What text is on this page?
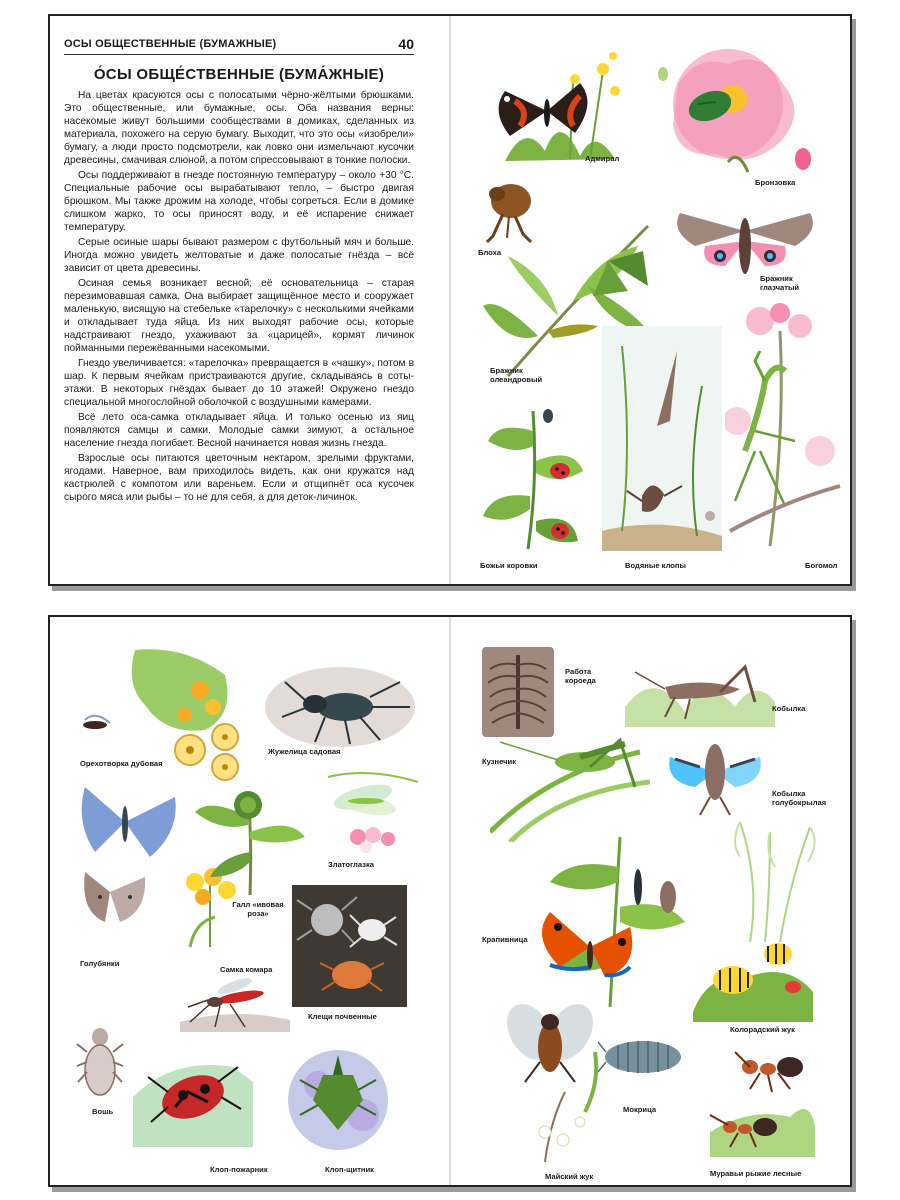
ОСЫ ОБЩЕСТВЕННЫЕ (БУМАЖНЫЕ)	40
О́СЫ ОБЩЕ́СТВЕННЫЕ (БУМА́ЖНЫЕ)

На цветах красуются осы с полосатыми чёрно-жёлтыми брюшками. Это общественные, или бумажные, осы. Оба названия верны: насекомые живут большими сообществами в домиках, сделанных из материала, похожего на серую бумагу. Выходит, что это осы «изобрели» бумагу, а люди просто подсмотрели, как ловко они измельчают кусочки древесины, смачивая слюной, а потом спрессовывают в тонкие полоски.

Осы поддерживают в гнезде постоянную температуру – около +30 °С. Специальные рабочие осы вырабатывают тепло, – быстро двигая брюшком. Мы также дрожим на холоде, чтобы согреться. Если в домике слишком жарко, то осы приносят воду, и её испарение снижает температуру.

Серые осиные шары бывают размером с футбольный мяч и больше. Иногда можно увидеть желтоватые и даже полосатые гнёзда – всё зависит от цвета древесины.

Осиная семья возникает весной; её основательница – старая перезимовавшая самка. Она выбирает защищённое место и сооружает маленькую, висящую на стебельке «тарелочку» с несколькими ячейками и откладывает туда яйца. Из них выходят рабочие осы, которые надстраивают гнездо, ухаживают за «царицей», кормят личинок пойманными пережёванными насекомыми.

Гнездо увеличивается: «тарелочка» превращается в «чашку», потом в шар. К первым ячейкам пристраиваются другие, складываясь в соты-этажи. В некоторых гнёздах бывает до 10 этажей! Окружено гнездо специальной многослойной оболочкой с воздушными камерами.

Всё лето оса-самка откладывает яйца. И только осенью из яиц появляются самцы и самки. Молодые самки зимуют, а остальное население гнезда погибает. Весной начинается новая жизнь гнезда.

Взрослые осы питаются цветочным нектаром, зрелыми фруктами, ягодами. Наверное, вам приходилось видеть, как они кружатся над кастрюлей с компотом или вареньем. Если и отщипнёт оса кусочек сырого мяса или рыбы – то не для себя, а для деток-личинок.

Адмирал
Бронзовка
Блоха
Бражник глазчатый
Бражник олеандровый
Божьи коровки	Водяные клопы	Богомол
Орехотворка дубовая
Жужелица садовая
Голубянки
Галл «ивовая роза»
Златоглазка
Клещи почвенные
Самка комара
Вошь
Клоп-пожарник	Клоп-щитник
Работа короеда
Кобылка
Кузнечик
Кобылка голубокрылая
Крапивница
Колорадский жук
Майский жук
Мокрица
Муравьи рыжие лесные
